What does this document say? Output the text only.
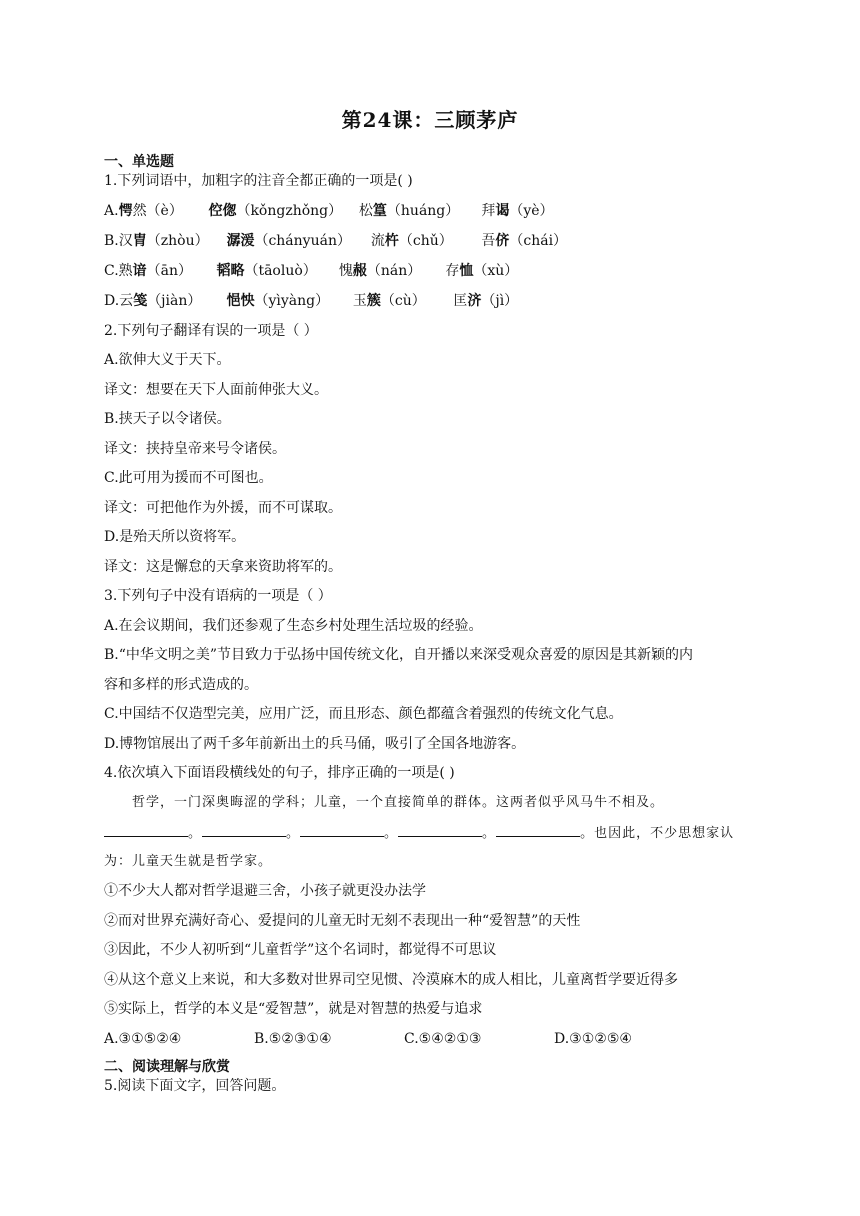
第24课：三顾茅庐
一、单选题
1.下列词语中，加粗字的注音全都正确的一项是( )
A.愕然（è） 倥偬（kǒngzhǒng） 松篁（huáng） 拜谒（yè）
B.汉胄（zhòu） 潺湲（chányuán） 流杵（chǔ） 吾侪（chái）
C.熟谙（ān） 韬略（tāoluò） 愧赧（nán） 存恤（xù）
D.云笺（jiàn） 悒怏（yìyàng） 玉簇（cù） 匡济（jì）
2.下列句子翻译有误的一项是（ ）
A.欲伸大义于天下。
译文：想要在天下人面前伸张大义。
B.挟天子以令诸侯。
译文：挟持皇帝来号令诸侯。
C.此可用为援而不可图也。
译文：可把他作为外援，而不可谋取。
D.是殆天所以资将军。
译文：这是懈怠的天拿来资助将军的。
3.下列句子中没有语病的一项是（ ）
A.在会议期间，我们还参观了生态乡村处理生活垃圾的经验。
B.“中华文明之美”节目致力于弘扬中国传统文化，自开播以来深受观众喜爱的原因是其新颖的内
容和多样的形式造成的。
C.中国结不仅造型完美，应用广泛，而且形态、颜色都蕴含着强烈的传统文化气息。
D.博物馆展出了两千多年前新出土的兵马俑，吸引了全国各地游客。
4.依次填入下面语段横线处的句子，排序正确的一项是( )
哲学，一门深奥晦涩的学科；儿童，一个直接简单的群体。这两者似乎风马牛不相及。
。	。	。	。	。也因此，不少思想家认
为：儿童天生就是哲学家。
①不少大人都对哲学退避三舍，小孩子就更没办法学
②而对世界充满好奇心、爱提问的儿童无时无刻不表现出一种“爱智慧”的天性
③因此，不少人初听到“儿童哲学”这个名词时，都觉得不可思议
④从这个意义上来说，和大多数对世界司空见惯、冷漠麻木的成人相比，儿童离哲学要近得多
⑤实际上，哲学的本义是“爱智慧”，就是对智慧的热爱与追求
A.③①⑤②④	B.⑤②③①④	C.⑤④②①③	D.③①②⑤④
二、阅读理解与欣赏
5.阅读下面文字，回答问题。
